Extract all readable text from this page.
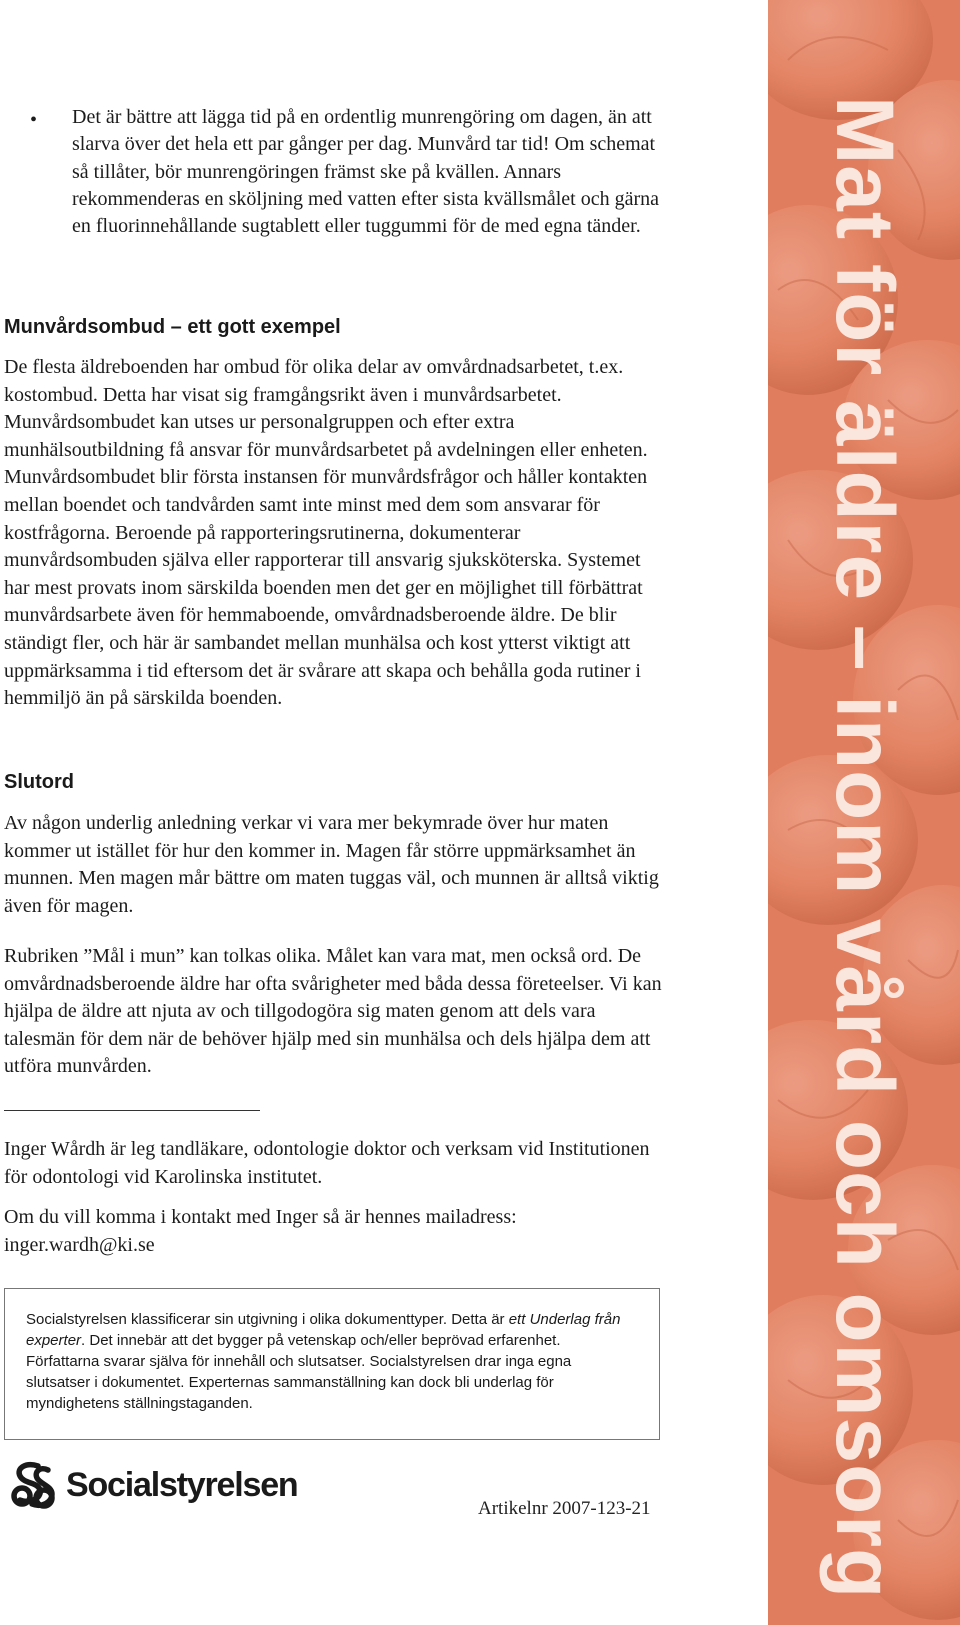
• Det är bättre att lägga tid på en ordentlig munrengöring om dagen, än att slarva över det hela ett par gånger per dag. Munvård tar tid! Om schemat så tillåter, bör munrengöringen främst ske på kvällen. Annars rekommenderas en sköljning med vatten efter sista kvällsmålet och gärna en fluorinnehållande sugtablett eller tuggummi för de med egna tänder.
Munvårdsombud – ett gott exempel
De flesta äldreboenden har ombud för olika delar av omvårdnadsarbetet, t.ex. kostombud. Detta har visat sig framgångsrikt även i munvårdsarbetet. Munvårdsombudet kan utses ur personalgruppen och efter extra munhälsoutbildning få ansvar för munvårdsarbetet på avdelningen eller enheten. Munvårdsombudet blir första instansen för munvårdsfrågor och håller kontakten mellan boendet och tandvården samt inte minst med dem som ansvarar för kostfrågorna. Beroende på rapporteringsrutinerna, dokumenterar munvårdsombuden själva eller rapporterar till ansvarig sjuksköterska. Systemet har mest provats inom särskilda boenden men det ger en möjlighet till förbättrat munvårdsarbete även för hemmaboende, omvårdnadsberoende äldre. De blir ständigt fler, och här är sambandet mellan munhälsa och kost ytterst viktigt att uppmärksamma i tid eftersom det är svårare att skapa och behålla goda rutiner i hemmiljö än på särskilda boenden.
Slutord
Av någon underlig anledning verkar vi vara mer bekymrade över hur maten kommer ut istället för hur den kommer in. Magen får större uppmärksamhet än munnen. Men magen mår bättre om maten tuggas väl, och munnen är alltså viktig även för magen.
Rubriken ”Mål i mun” kan tolkas olika. Målet kan vara mat, men också ord. De omvårdnadsberoende äldre har ofta svårigheter med båda dessa företeelser. Vi kan hjälpa de äldre att njuta av och tillgodogöra sig maten genom att dels vara talesmän för dem när de behöver hjälp med sin munhälsa och dels hjälpa dem att utföra munvården.
Inger Wårdh är leg tandläkare, odontologie doktor och verksam vid Institutionen för odontologi vid Karolinska institutet.
Om du vill komma i kontakt med Inger så är hennes mailadress:
inger.wardh@ki.se
Socialstyrelsen klassificerar sin utgivning i olika dokumenttyper. Detta är ett Underlag från experter. Det innebär att det bygger på vetenskap och/eller beprövad erfarenhet. Författarna svarar själva för innehåll och slutsatser. Socialstyrelsen drar inga egna slutsatser i dokumentet. Experternas sammanställning kan dock bli underlag för myndighetens ställningstaganden.
Socialstyrelsen
Artikelnr 2007-123-21 Mat för äldre – inom vård och omsorg
